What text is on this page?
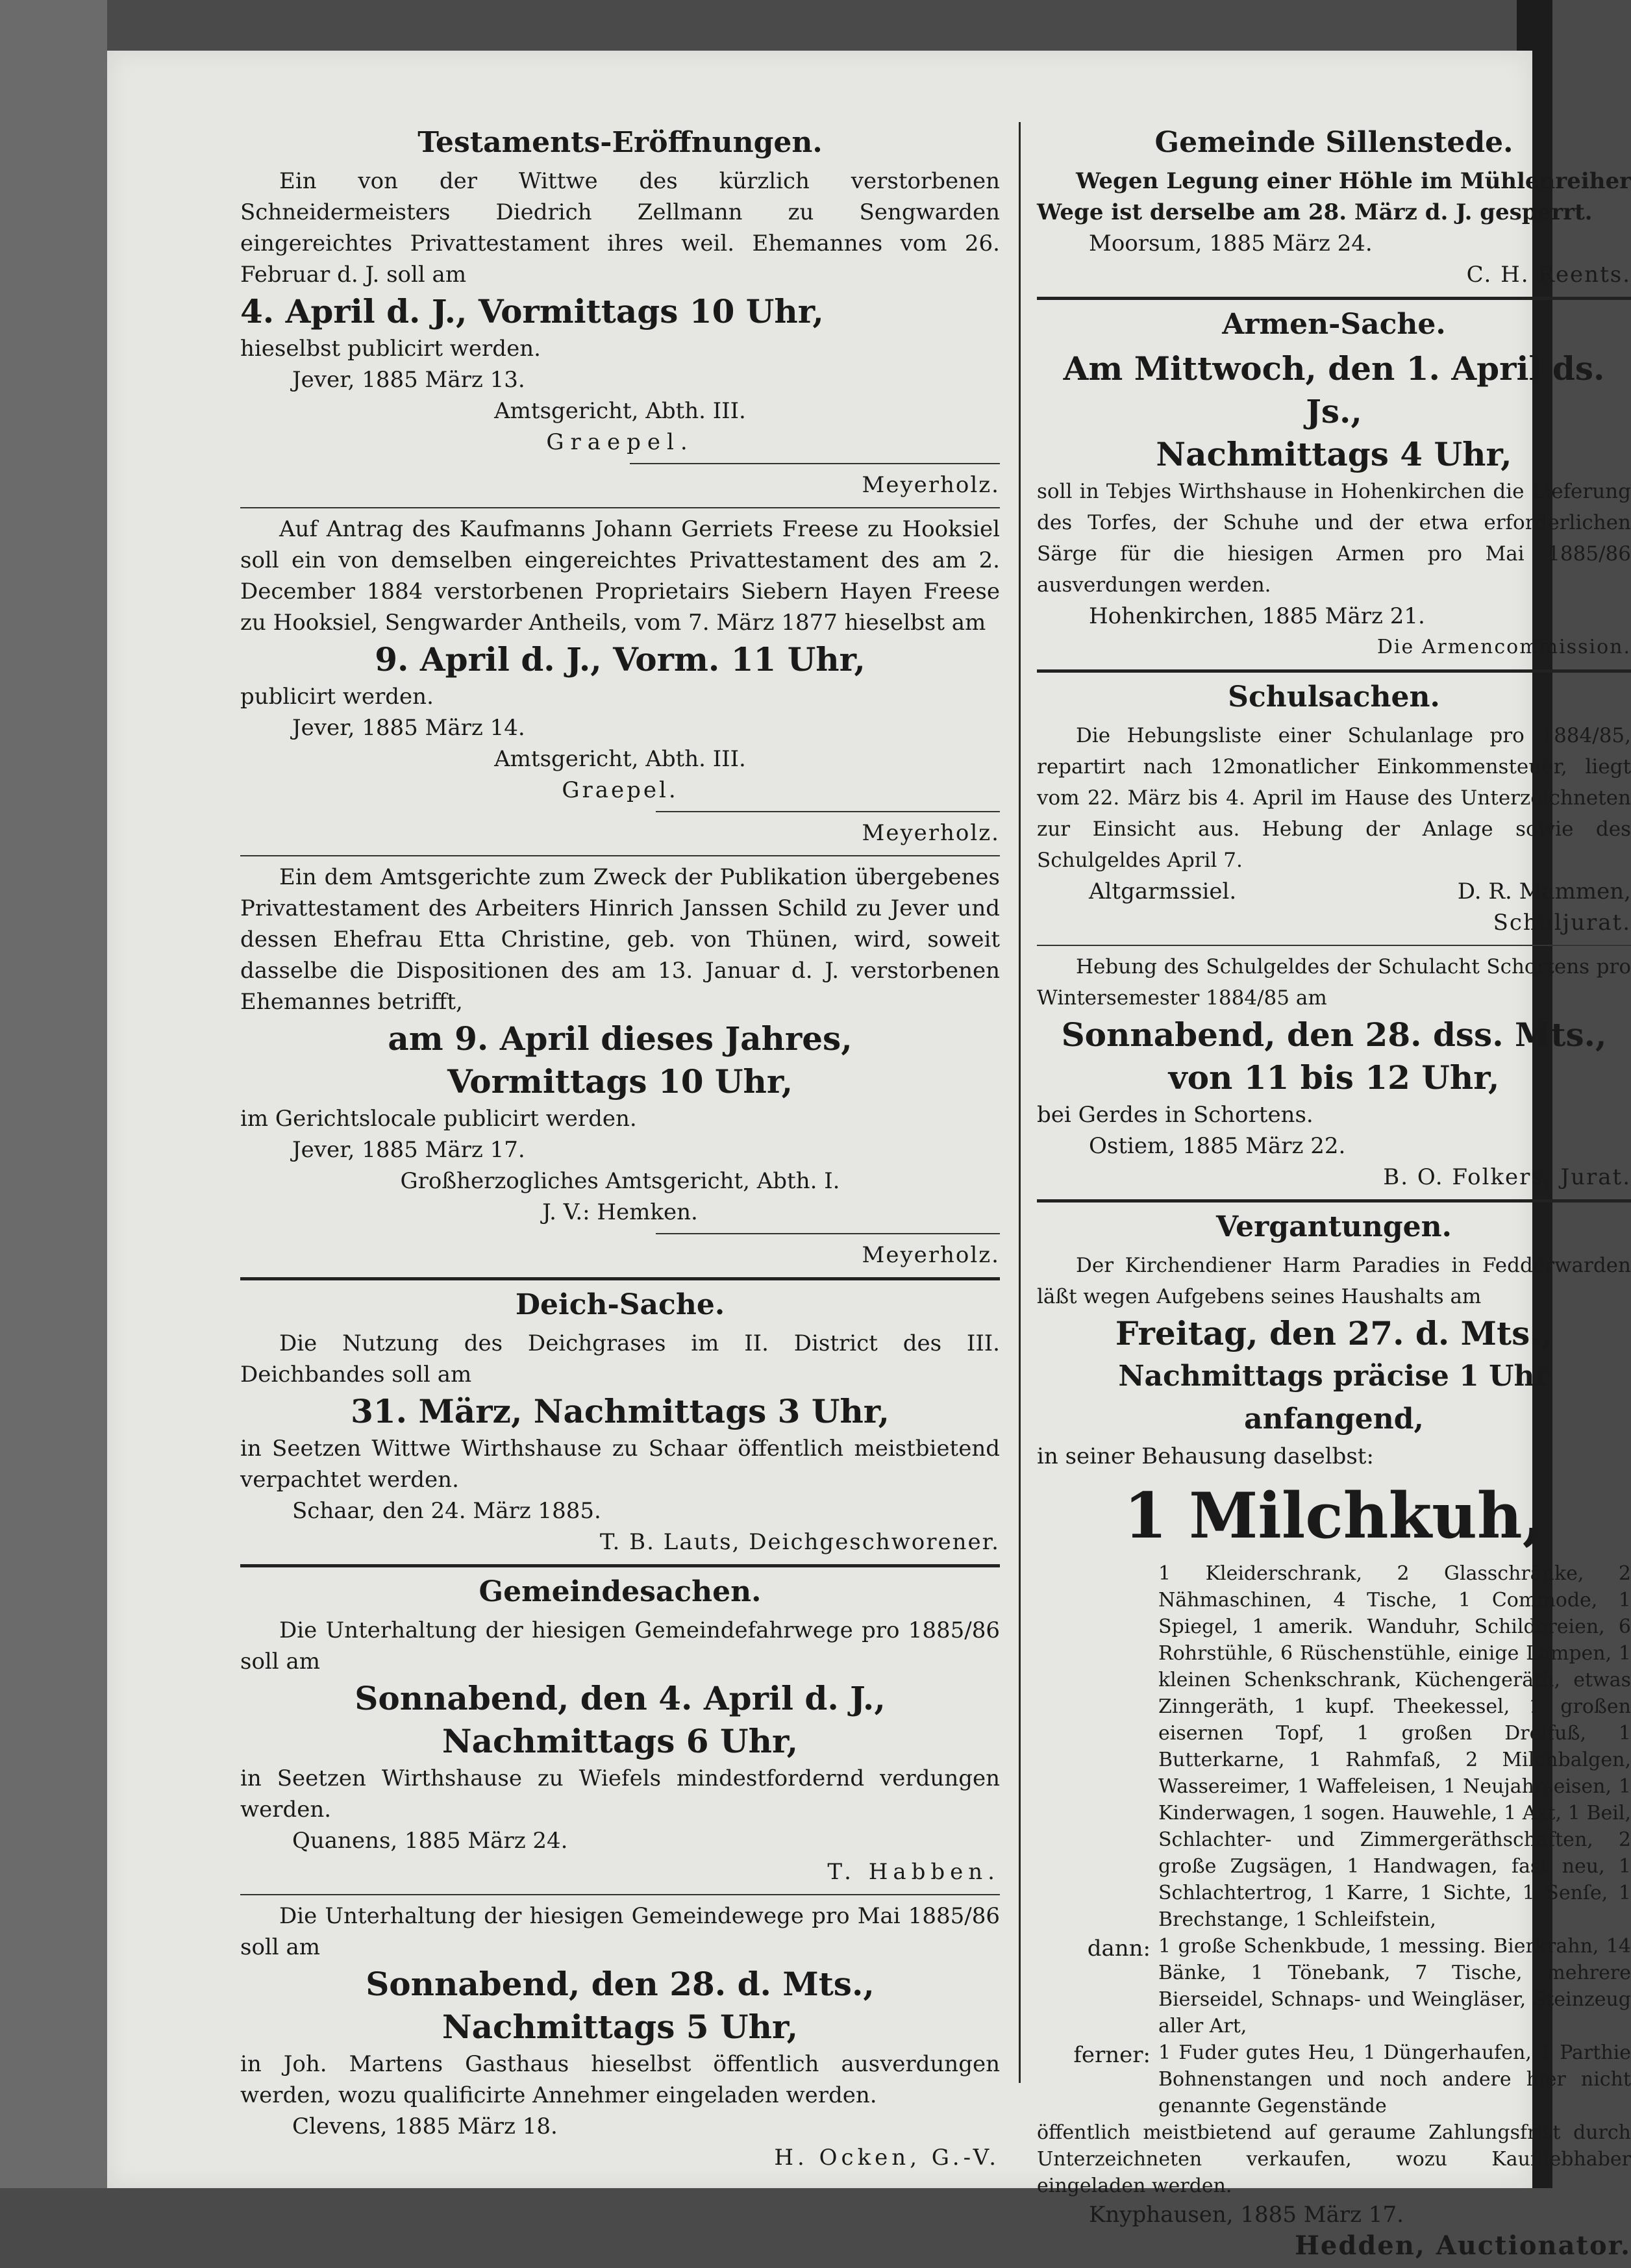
Testaments-Eröffnungen.
Ein von der Wittwe des kürzlich verstorbenen Schneidermeisters Diedrich Zellmann zu Sengwarden eingereichtes Privattestament ihres weil. Ehemannes vom 26. Februar d. J. soll am
4. April d. J., Vormittags 10 Uhr,
hieselbst publicirt werden.
Jever, 1885 März 13.
Amtsgericht, Abth. III.
Graepel.
Meyerholz.
Auf Antrag des Kaufmanns Johann Gerriets Freese zu Hooksiel soll ein von demselben eingereichtes Privattestament des am 2. December 1884 verstorbenen Proprietairs Siebern Hayen Freese zu Hooksiel, Sengwarder Antheils, vom 7. März 1877 hieselbst am
9. April d. J., Vorm. 11 Uhr,
publicirt werden.
Jever, 1885 März 14.
Amtsgericht, Abth. III.
Graepel.
Meyerholz.
Ein dem Amtsgerichte zum Zweck der Publikation übergebenes Privattestament des Arbeiters Hinrich Janssen Schild zu Jever und dessen Ehefrau Etta Christine, geb. von Thünen, wird, soweit dasselbe die Dispositionen des am 13. Januar d. J. verstorbenen Ehemannes betrifft,
am 9. April dieses Jahres,
Vormittags 10 Uhr,
im Gerichtslocale publicirt werden.
Jever, 1885 März 17.
Großherzogliches Amtsgericht, Abth. I.
J. V.: Hemken.
Meyerholz.
Deich-Sache.
Die Nutzung des Deichgrases im II. District des III. Deichbandes soll am
31. März, Nachmittags 3 Uhr,
in Seetzen Wittwe Wirthshause zu Schaar öffentlich meistbietend verpachtet werden.
Schaar, den 24. März 1885.
T. B. Lauts, Deichgeschworener.
Gemeindesachen.
Die Unterhaltung der hiesigen Gemeindefahrwege pro 1885/86 soll am
Sonnabend, den 4. April d. J.,
Nachmittags 6 Uhr,
in Seetzen Wirthshause zu Wiefels mindestfordernd verdungen werden.
Quanens, 1885 März 24.
T. Habben.
Die Unterhaltung der hiesigen Gemeindewege pro Mai 1885/86 soll am
Sonnabend, den 28. d. Mts.,
Nachmittags 5 Uhr,
in Joh. Martens Gasthaus hieselbst öffentlich ausverdungen werden, wozu qualificirte Annehmer eingeladen werden.
Clevens, 1885 März 18.
H. Ocken, G.-V.
Gemeinde Sillenstede.
Wegen Legung einer Höhle im Mühlenreiher Wege ist derselbe am 28. März d. J. gesperrt.
Moorsum, 1885 März 24.
C. H. Reents.
Armen-Sache.
Am Mittwoch, den 1. April ds. Js.,
Nachmittags 4 Uhr,
soll in Tebjes Wirthshause in Hohenkirchen die Lieferung des Torfes, der Schuhe und der etwa erforderlichen Särge für die hiesigen Armen pro Mai 1885/86 ausverdungen werden.
Hohenkirchen, 1885 März 21.
Die Armencommission.
Schulsachen.
Die Hebungsliste einer Schulanlage pro 1884/85, repartirt nach 12monatlicher Einkommensteuer, liegt vom 22. März bis 4. April im Hause des Unterzeichneten zur Einsicht aus. Hebung der Anlage sowie des Schulgeldes April 7.
Altgarmssiel.	D. R. Mammen,
Schuljurat.
Hebung des Schulgeldes der Schulacht Schortens pro Wintersemester 1884/85 am
Sonnabend, den 28. dss. Mts.,
von 11 bis 12 Uhr,
bei Gerdes in Schortens.
Ostiem, 1885 März 22.
B. O. Folkers, Jurat.
Vergantungen.
Der Kirchendiener Harm Paradies in Fedderwarden läßt wegen Aufgebens seines Haushalts am
Freitag, den 27. d. Mts.,
Nachmittags präcise 1 Uhr anfangend,
in seiner Behausung daselbst:
1 Milchkuh,
1 Kleiderschrank, 2 Glasschränke, 2 Nähmaschinen, 4 Tische, 1 Commode, 1 Spiegel, 1 amerik. Wanduhr, Schildereien, 6 Rohrstühle, 6 Rüschenstühle, einige Lampen, 1 kleinen Schenkschrank, Küchengeräth, etwas Zinngeräth, 1 kupf. Theekessel, 1 großen eisernen Topf, 1 großen Dreifuß, 1 Butterkarne, 1 Rahmfaß, 2 Milchbalgen, Wassereimer, 1 Waffeleisen, 1 Neujahrseisen, 1 Kinderwagen, 1 sogen. Hauwehle, 1 Axt, 1 Beil, Schlachter- und Zimmergeräthschaften, 2 große Zugsägen, 1 Handwagen, fast neu, 1 Schlachtertrog, 1 Karre, 1 Sichte, 1 Senſe, 1 Brechstange, 1 Schleifstein,
dann: 1 große Schenkbude, 1 messing. Bierkrahn, 14 Bänke, 1 Tönebank, 7 Tische, mehrere Bierseidel, Schnaps- und Weingläser, Steinzeug aller Art,
ferner: 1 Fuder gutes Heu, 1 Düngerhaufen, 1 Parthie Bohnenstangen und noch andere hier nicht genannte Gegenstände
öffentlich meistbietend auf geraume Zahlungsfrist durch Unterzeichneten verkaufen, wozu Kaufliebhaber eingeladen werden.
Knyphausen, 1885 März 17.
Hedden, Auctionator.
